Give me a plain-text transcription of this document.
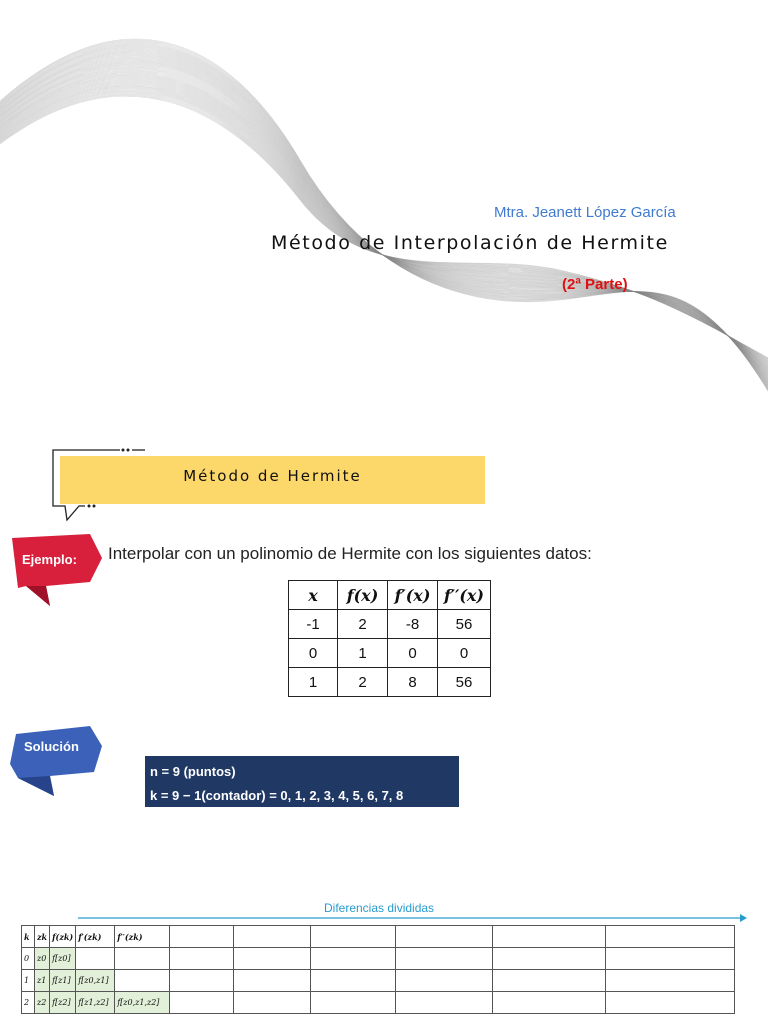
Mtra. Jeanett López García
Método de Interpolación de Hermite
(2ª Parte)
Método de Hermite
Ejemplo: Interpolar con un polinomio de Hermite con los siguientes datos:
x	f(x)	f′(x)	f′′(x)
-1	2	-8	56
0	1	0	0
1	2	8	56
Solución
n = 9 (puntos)
k = 9 − 1(contador) = 0, 1, 2, 3, 4, 5, 6, 7, 8
Diferencias divididas
k	zk	f(zk)	f′(zk)	f′′(zk)						
0	z0	f[z0]								
1	z1	f[z1]	f[z0,z1]							
2	z2	f[z2]	f[z1,z2]	f[z0,z1,z2]						
